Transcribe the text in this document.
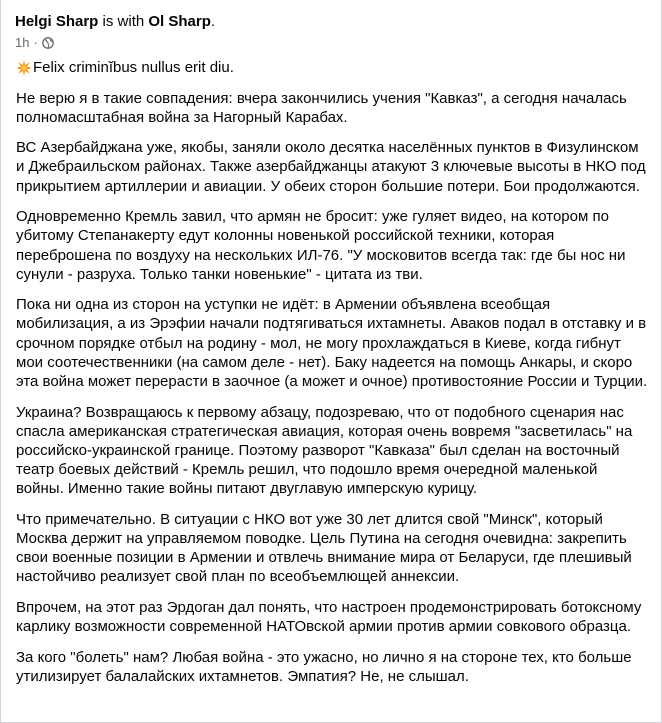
Helgi Sharp is with Ol Sharp.
1h ·

Felix criminĭbus nullus erit diu.

Не верю я в такие совпадения: вчера закончились учения "Кавказ", а сегодня началась полномасштабная война за Нагорный Карабах.

ВС Азербайджана уже, якобы, заняли около десятка населённых пунктов в Физулинском и Джебраильском районах. Также азербайджанцы атакуют 3 ключевые высоты в НКО под прикрытием артиллерии и авиации. У обеих сторон большие потери. Бои продолжаются.

Одновременно Кремль завил, что армян не бросит: уже гуляет видео, на котором по убитому Степанакерту едут колонны новенькой российской техники, которая переброшена по воздуху на нескольких ИЛ-76. "У московитов всегда так: где бы нос ни сунули - разруха. Только танки новенькие" - цитата из тви.

Пока ни одна из сторон на уступки не идёт: в Армении объявлена всеобщая мобилизация, а из Эрэфии начали подтягиваться ихтамнеты. Аваков подал в отставку и в срочном порядке отбыл на родину - мол, не могу прохлаждаться в Киеве, когда гибнут мои соотечественники (на самом деле - нет). Баку надеется на помощь Анкары, и скоро эта война может перерасти в заочное (а может и очное) противостояние России и Турции.

Украина? Возвращаюсь к первому абзацу, подозреваю, что от подобного сценария нас спасла американская стратегическая авиация, которая очень вовремя "засветилась" на российско-украинской границе. Поэтому разворот "Кавказа" был сделан на восточный театр боевых действий - Кремль решил, что подошло время очередной маленькой войны. Именно такие войны питают двуглавую имперскую курицу.

Что примечательно. В ситуации с НКО вот уже 30 лет длится свой "Минск", который Москва держит на управляемом поводке. Цель Путина на сегодня очевидна: закрепить свои военные позиции в Армении и отвлечь внимание мира от Беларуси, где плешивый настойчиво реализует свой план по всеобъемлющей аннексии.

Впрочем, на этот раз Эрдоган дал понять, что настроен продемонстрировать ботоксному карлику возможности современной НАТОвской армии против армии совкового образца.

За кого "болеть" нам? Любая война - это ужасно, но лично я на стороне тех, кто больше утилизирует балалайских ихтамнетов. Эмпатия? Не, не слышал.
